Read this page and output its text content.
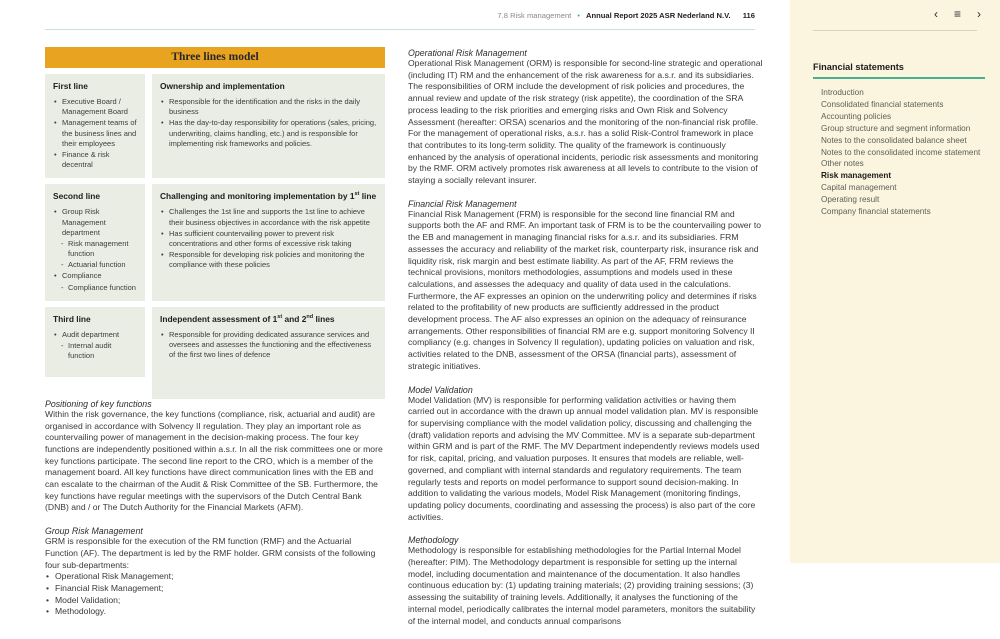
7.8 Risk management • Annual Report 2025 ASR Nederland N.V. 116
Three lines model
First line
• Executive Board / Management Board
• Management teams of the business lines and their employees
• Finance & risk decentral
Ownership and implementation
• Responsible for the identification and the risks in the daily business
• Has the day-to-day responsibility for operations (sales, pricing, underwriting, claims handling, etc.) and is responsible for implementing risk frameworks and policies.
Second line
• Group Risk Management department
- Risk management function
- Actuarial function
• Compliance
- Compliance function
Challenging and monitoring implementation by 1st line
• Challenges the 1st line and supports the 1st line to achieve their business objectives in accordance with the risk appetite
• Has sufficient countervailing power to prevent risk concentrations and other forms of excessive risk taking
• Responsible for developing risk policies and monitoring the compliance with these policies
Third line
• Audit department
- Internal audit function
Independent assessment of 1st and 2nd lines
• Responsible for providing dedicated assurance services and oversees and assesses the functioning and the effectiveness of the first two lines of defence
Positioning of key functions

Within the risk governance, the key functions (compliance, risk, actuarial and audit) are organised in accordance with Solvency II regulation. They play an important role as countervailing power of management in the decision-making process. The four key functions are independently positioned within a.s.r. In all the risk committees one or more key functions participate. The second line report to the CRO, which is a member of the management board. All key functions have direct communication lines with the EB and can escalate to the chairman of the Audit & Risk Committee of the SB. Furthermore, the key functions have regular meetings with the supervisors of the Dutch Central Bank (DNB) and / or The Dutch Authority for the Financial Markets (AFM).

Group Risk Management

GRM is responsible for the execution of the RM function (RMF) and the Actuarial Function (AF). The department is led by the RMF holder. GRM consists of the following four sub-departments:

• Operational Risk Management;
• Financial Risk Management;
• Model Validation;
• Methodology.
Operational Risk Management

Operational Risk Management (ORM) is responsible for second-line strategic and operational (including IT) RM and the enhancement of the risk awareness for a.s.r. and its subsidiaries. The responsibilities of ORM include the development of risk policies and procedures, the annual review and update of the risk strategy (risk appetite), the coordination of the SRA process leading to the risk priorities and emerging risks and Own Risk and Solvency Assessment (hereafter: ORSA) scenarios and the monitoring of the non-financial risk profile. For the management of operational risks, a.s.r. has a solid Risk-Control framework in place that contributes to its long-term solidity. The quality of the framework is continuously enhanced by the analysis of operational incidents, periodic risk assessments and monitoring by the RMF. ORM actively promotes risk awareness at all levels to contribute to the vision of staying a socially relevant insurer.

Financial Risk Management

Financial Risk Management (FRM) is responsible for the second line financial RM and supports both the AF and RMF. An important task of FRM is to be the countervailing power to the EB and management in managing financial risks for a.s.r. and its subsidiaries. FRM assesses the accuracy and reliability of the market risk, counterparty risk, insurance risk and liquidity risk, risk margin and best estimate liability. As part of the AF, FRM reviews the technical provisions, monitors methodologies, assumptions and models used in these calculations, and assesses the adequacy and quality of data used in the calculations. Furthermore, the AF expresses an opinion on the underwriting policy and determines if risks related to the profitability of new products are sufficiently addressed in the product development process. The AF also expresses an opinion on the adequacy of reinsurance arrangements. Other responsibilities of financial RM are e.g. support monitoring Solvency II compliancy (e.g. changes in Solvency II regulation), updating policies on valuation and risk, activities related to the DNB, assessment of the ORSA (financial parts), assessment of strategic initiatives.

Model Validation

Model Validation (MV) is responsible for performing validation activities or having them carried out in accordance with the drawn up annual model validation plan. MV is responsible for supervising compliance with the model validation policy, discussing and challenging the (draft) validation reports and advising the MV Committee. MV is a separate sub-department within GRM and is part of the RMF. The MV Department independently reviews models used for risk, capital, pricing, and valuation purposes. It ensures that models are reliable, well-governed, and compliant with internal standards and regulatory requirements. The team regularly tests and reports on model performance to support sound decision-making. In addition to validating the various models, Model Risk Management (monitoring findings, updating policy documents, coordinating and assessing the process) is also part of the core activities.

Methodology

Methodology is responsible for establishing methodologies for the Partial Internal Model (hereafter: PIM). The Methodology department is responsible for setting up the internal model, including documentation and maintenance of the documentation. It also handles continuous education by: (1) updating training materials; (2) providing training sessions; (3) assessing the suitability of training levels. Additionally, it analyses the functioning of the internal model, periodically calibrates the internal model parameters, monitors the suitability of the internal model, and conducts annual comparisons

‹ ≡ ›
Financial statements
Introduction
Consolidated financial statements
Accounting policies
Group structure and segment information
Notes to the consolidated balance sheet
Notes to the consolidated income statement
Other notes
Risk management
Capital management
Operating result
Company financial statements
